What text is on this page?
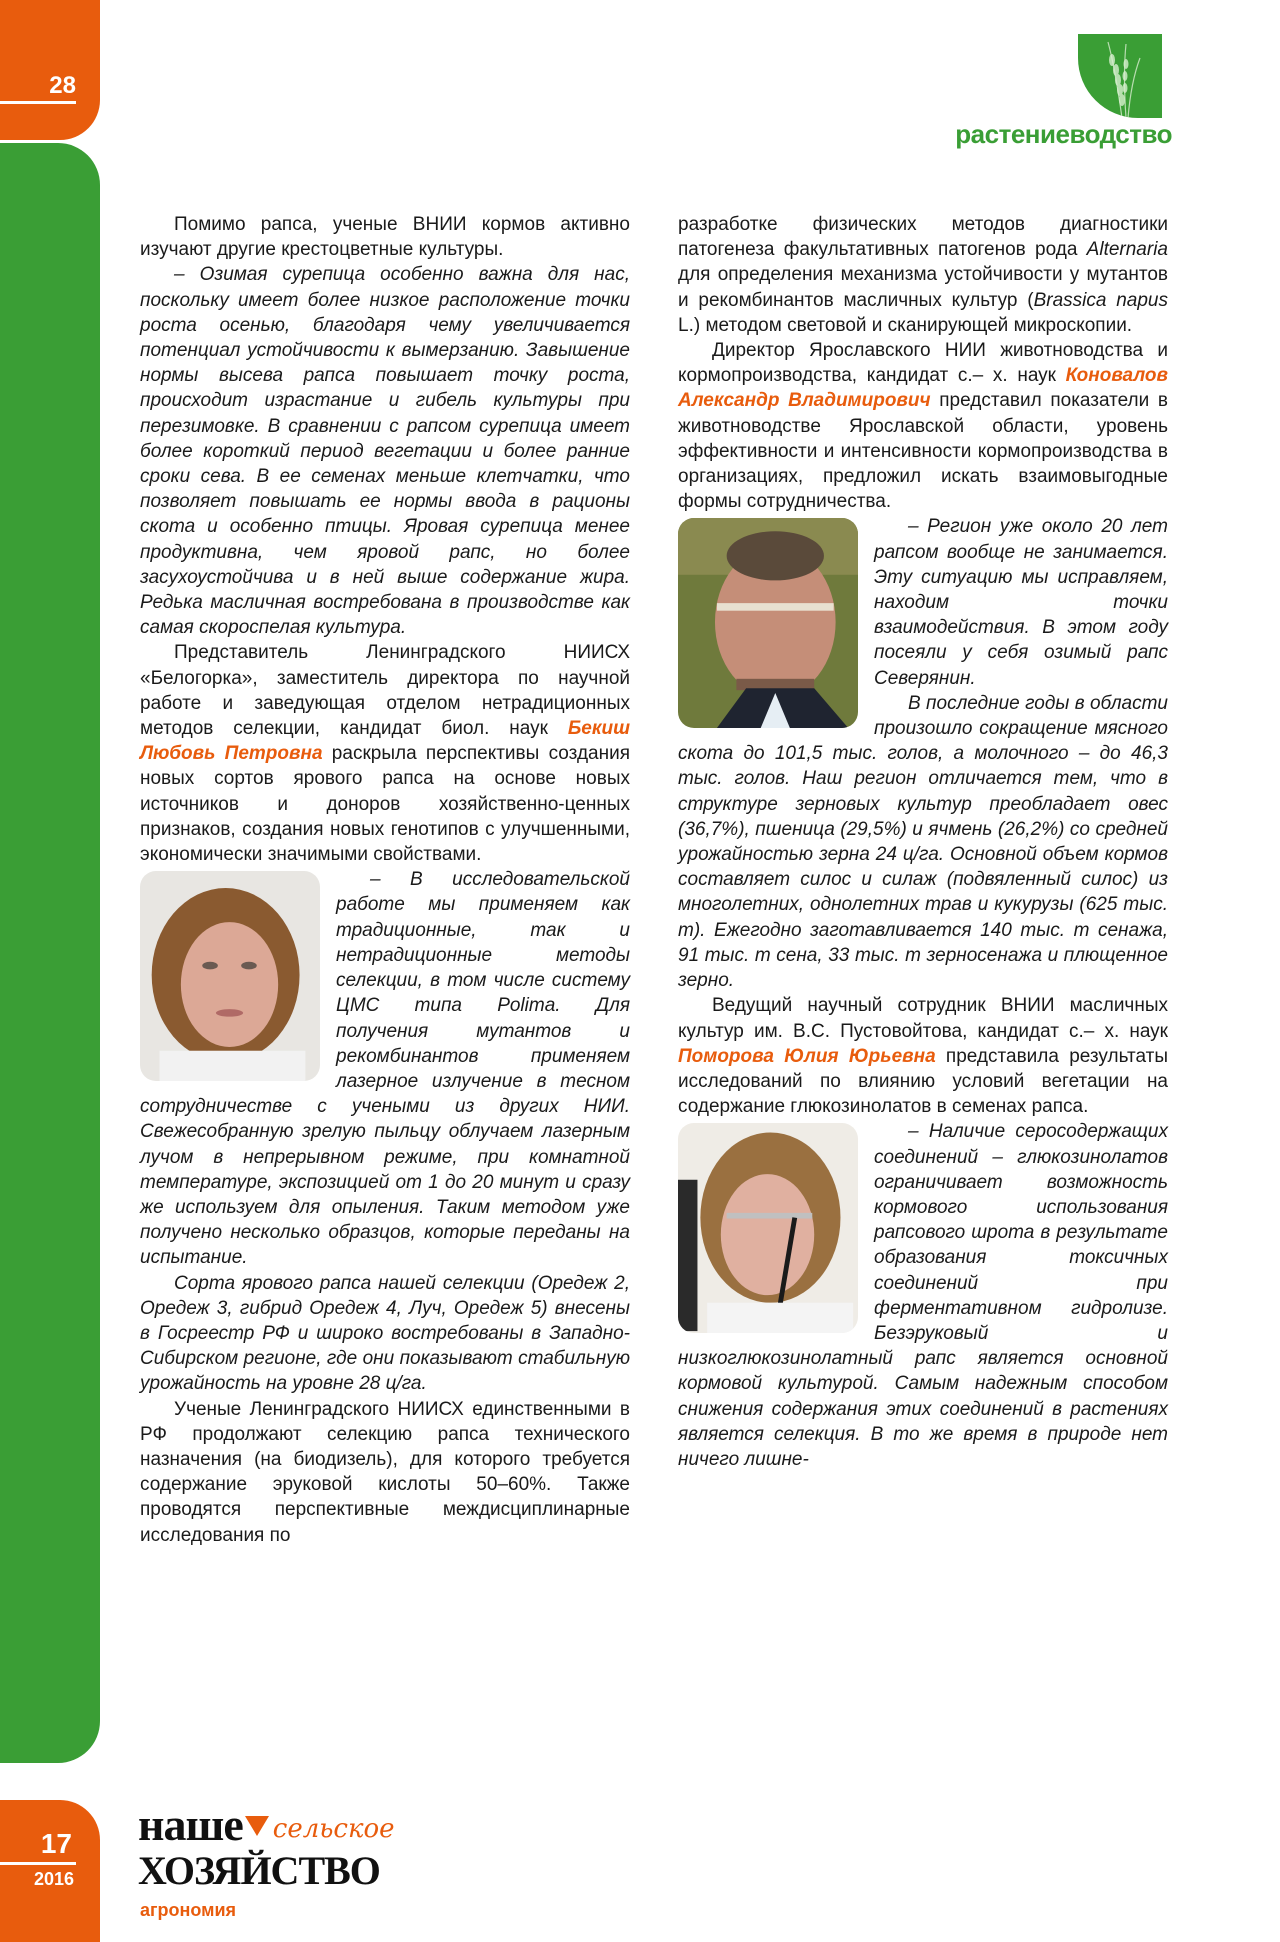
28
растениеводство

Помимо рапса, ученые ВНИИ кормов активно изучают другие крестоцветные культуры.

– Озимая сурепица особенно важна для нас, поскольку имеет более низкое расположение точки роста осенью, благодаря чему увеличивается потенциал устойчивости к вымерзанию. Завышение нормы высева рапса повышает точку роста, происходит израстание и гибель культуры при перезимовке. В сравнении с рапсом сурепица имеет более короткий период вегетации и более ранние сроки сева. В ее семенах меньше клетчатки, что позволяет повышать ее нормы ввода в рационы скота и особенно птицы. Яровая сурепица менее продуктивна, чем яровой рапс, но более засухоустойчива и в ней выше содержание жира. Редька масличная востребована в производстве как самая скороспелая культура.

Представитель Ленинградского НИИСХ «Белогорка», заместитель директора по научной работе и заведующая отделом нетрадиционных методов селекции, кандидат биол. наук Бекиш Любовь Петровна раскрыла перспективы создания новых сортов ярового рапса на основе новых источников и доноров хозяйственно-ценных признаков, создания новых генотипов с улучшенными, экономически значимыми свойствами.

– В исследовательской работе мы применяем как традиционные, так и нетрадиционные методы селекции, в том числе систему ЦМС типа Polima. Для получения мутантов и рекомбинантов применяем лазерное излучение в тесном сотрудничестве с учеными из других НИИ. Свежесобранную зрелую пыльцу облучаем лазерным лучом в непрерывном режиме, при комнатной температуре, экспозицией от 1 до 20 минут и сразу же используем для опыления. Таким методом уже получено несколько образцов, которые переданы на испытание.

Сорта ярового рапса нашей селекции (Оредеж 2, Оредеж 3, гибрид Оредеж 4, Луч, Оредеж 5) внесены в Госреестр РФ и широко востребованы в Западно-Сибирском регионе, где они показывают стабильную урожайность на уровне 28 ц/га.

Ученые Ленинградского НИИСХ единственными в РФ продолжают селекцию рапса технического назначения (на биодизель), для которого требуется содержание эруковой кислоты 50–60%. Также проводятся перспективные междисциплинарные исследования по

разработке физических методов диагностики патогенеза факультативных патогенов рода Alternaria для определения механизма устойчивости у мутантов и рекомбинантов масличных культур (Brassica napus L.) методом световой и сканирующей микроскопии.

Директор Ярославского НИИ животноводства и кормопроизводства, кандидат с.– х. наук Коновалов Александр Владимирович представил показатели в животноводстве Ярославской области, уровень эффективности и интенсивности кормопроизводства в организациях, предложил искать взаимовыгодные формы сотрудничества.

– Регион уже около 20 лет рапсом вообще не занимается. Эту ситуацию мы исправляем, находим точки взаимодействия. В этом году посеяли у себя озимый рапс Северянин.

В последние годы в области произошло сокращение мясного скота до 101,5 тыс. голов, а молочного – до 46,3 тыс. голов. Наш регион отличается тем, что в структуре зерновых культур преобладает овес (36,7%), пшеница (29,5%) и ячмень (26,2%) со средней урожайностью зерна 24 ц/га. Основной объем кормов составляет силос и силаж (подвяленный силос) из многолетних, однолетних трав и кукурузы (625 тыс. т). Ежегодно заготавливается 140 тыс. т сенажа, 91 тыс. т сена, 33 тыс. т зерносенажа и плющенное зерно.

Ведущий научный сотрудник ВНИИ масличных культур им. В.С. Пустовойтова, кандидат с.– х. наук Поморова Юлия Юрьевна представила результаты исследований по влиянию условий вегетации на содержание глюкозинолатов в семенах рапса.

– Наличие серосодержащих соединений – глюкозинолатов ограничивает возможность кормового использования рапсового шрота в результате образования токсичных соединений при ферментативном гидролизе. Безэруковый и низкоглюкозинолатный рапс является основной кормовой культурой. Самым надежным способом снижения содержания этих соединений в растениях является селекция. В то же время в природе нет ничего лишне-

17
2016
наше сельское
ХОЗЯЙСТВО
агрономия
